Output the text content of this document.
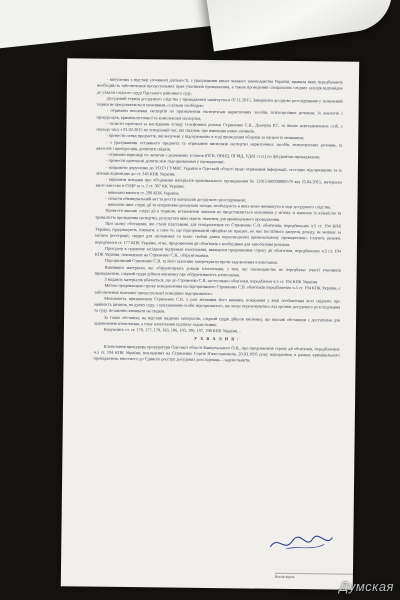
- вилучених з підставі злочинної діяльності, з урахуванням вимог чинного законодавства України, правила яких передбачають необхідність забезпечення процесуальних прав учасників провадження, а також проведення спеціальних слідчих заходів відповідно до ухвали слідчого судді Одеського районного суду.

Досудовий термін досудового слідства у провадженні закінчується 07.11.2015. Завершити досудове розслідування у зазначений термін не представляється можливим, оскільки необхідно:

- отримати висновки експертів по призначеним експертизам наркотичних засобів, психотропних речовин, їх аналогів і прекурсорів, криміналістичної та комплексної експертиз;

- скласти протокол за наслідками огляду телефонних розмов Стрименко С.В., Демчука Р.С. та інших невстановлених осіб, з періоду часу з 01.02.2015 по теперішній час, які свідчать про вчинення ними злочинів.

- провести огляд предметів, які вилучені у підозрюваних в ході проведення обшуків за місцем їх мешкання;

- з урахуванням останнього предмета та отримання висновків експертиз наркотичних засобів, психотропних речовин, їх аналогів і прекурсорів, допитати свідків;

- отримати відповіді по запитам з державних установ (ОГВ, ОВНД, ОГМД, УДАІ і т.п.) по фігурантам провадження;

- провести одночасні допити між підозрюваними у провадженні;

- направити доручення до УОТЗ ГУМВС України в Одеській області щодо отримання інформації, стосовно підозрюваних та їх зв'язків відповідно до ст. 246 КПК України;

- вирішити питання про об'єднання матеріалів кримінального провадження № 12015160030000570 від 25.04.2015, матеріали якого внесено в ЄРДР за ч. 2 ст. 307 КК України;

- виконати вимоги ст. 290 КПК України;

- скласти обвинувальний акт та реєстр матеріалів досудового розслідування;

- виконати інші слідчі дії та оперативно-розшукові заходи, необхідність в яких може виникнути в ході досудового слідства.

Провести вказані слідчі дії в терміни, встановлені законом не представляється можливим у зв'язку зі значною їх кількістю та тривалістю проведення експертиз, результати яких мають значення для кримінального провадження.

При цьому обставини, які стали підставами для повідомлення по Стрименко С.В. обов'язків, передбачених ч.5 ст. 194 КПК України, продовжують існувати, а саме те, що підозрюваний офіційно не працює, не має постійного джерела доходу, не мешкає за місцем реєстрації, свідки для звільнення та може своїми діями перешкоджати кримінальному провадженню. Існують ризики, передбачені ст. 177 КПК України, отже, продовження дії обов'язків є необхідним для запобігання ризикам.

Прокурор в судовому засіданні підтримав клопотання, вважаючи продовження строку дії обов'язків, передбачених ч.5 ст. 194 КПК України, покладених на Стрименко С.В., обґрунтованим.

Підозрюваний Стрименко С.В. та його захисник заперечували проти задоволення клопотання.

Вивчивши матеріали, які обґрунтовують доводи клопотання, з тим, що законодавство не передбачає участі учасників провадження, слідчий суддя дійшов висновку про обґрунтованість клопотання.

З наданих матеріалів вбачається, що до Стрименко С.В. застосовано обов'язки, передбачені ч.5 ст. 194 КПК України.

Метою продовження строку повідомлення на підозрюваного Стрименко С.В. обов'язків передбачених ч.5 ст. 194 КПК України, є забезпечення належної процесуальної поведінки підозрюваного.

Можливість призначення Стрименко С.В. у разі визнання його винним, покарання у виді позбавлення волі свідчить про наявність ризиків, на думку суду, з урахуванням особи підозрюваного, що може переховуватись від органів досудового розслідування та суду, незаконно впливати на свідків.

За таких обставин, на підставі наданих матеріалів, слідчий суддя дійшов висновку, що вказані обставини є достатніми для задоволення клопотання, а тому клопотання підлягає задоволенню.

Керуючись ст. ст. 176, 177, 178, 183, 186, 193, 196, 197, 198 КПК України, -

У Х В А Л И В :

Клопотання прокурора прокуратури Одеської області Какиульського О.В., про продовження строку дії обов'язків, передбачених ч.5 ст. 194 КПК України, покладених на Стрименко Сергія В'ячеславовича, 20.03.1995 року народження, в рамках кримінального провадження, внесеного до Єдиного реєстру досудових розслідувань – задовольнити.

Копія вірна
Думская
